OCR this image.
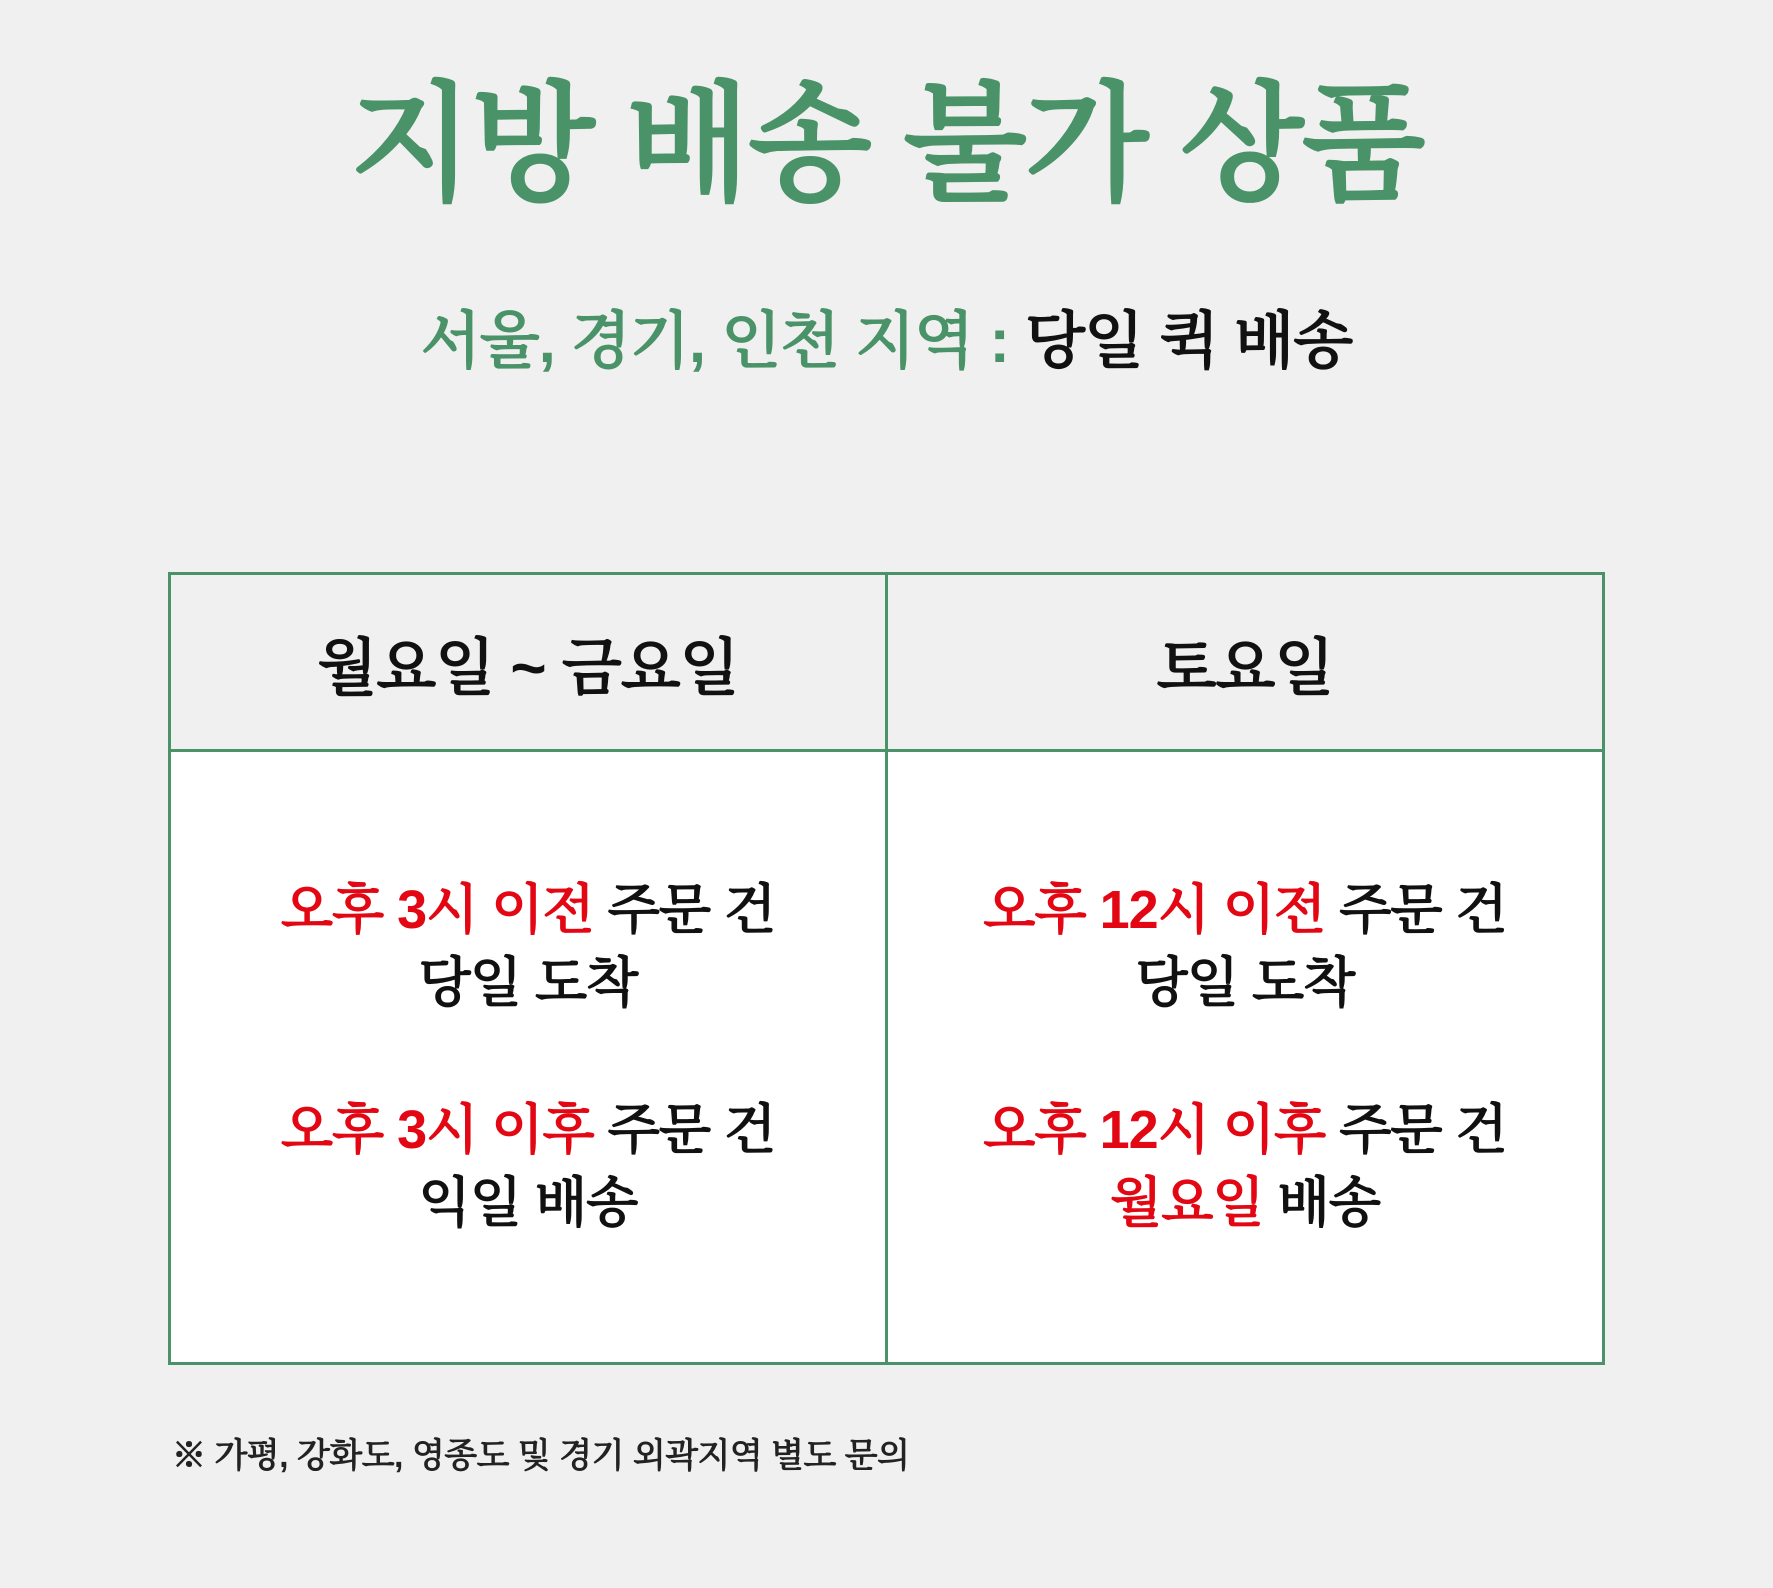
지방 배송 불가 상품

서울, 경기, 인천 지역 : 당일 퀵 배송

월요일 ~ 금요일	토요일

오후 3시 이전 주문 건
당일 도착
오후 3시 이후 주문 건
익일 배송

오후 12시 이전 주문 건
당일 도착
오후 12시 이후 주문 건
월요일 배송
※ 가평, 강화도, 영종도 및 경기 외곽지역 별도 문의
